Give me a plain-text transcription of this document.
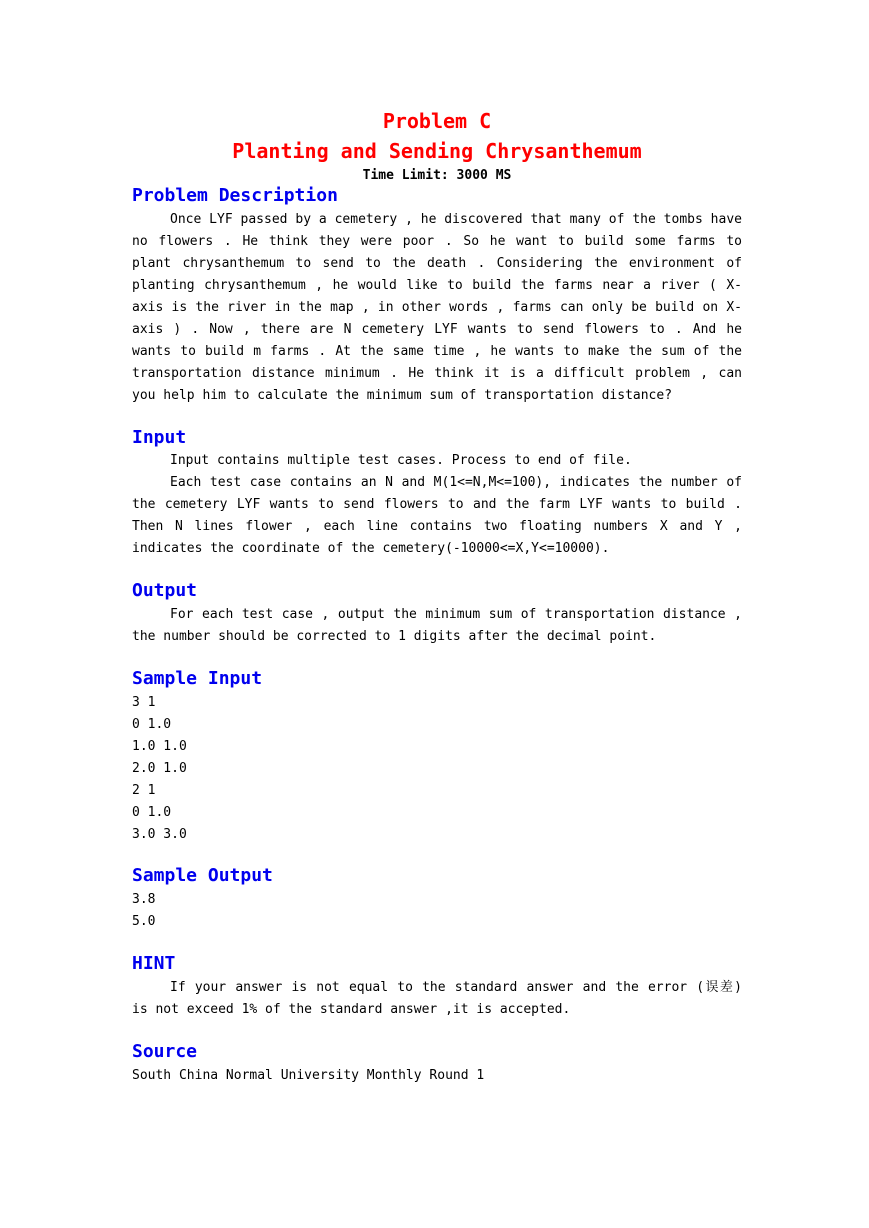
Problem C
Planting and Sending Chrysanthemum
Time Limit: 3000 MS
Problem Description

Once LYF passed by a cemetery , he discovered that many of the tombs have no flowers . He think they were poor . So he want to build some farms to plant chrysanthemum to send to the death . Considering the environment of planting chrysanthemum , he would like to build the farms near a river ( X-axis is the river in the map , in other words , farms can only be build on X-axis ) . Now , there are N cemetery LYF wants to send flowers to . And he wants to build m farms . At the same time , he wants to make the sum of the transportation distance minimum . He think it is a difficult problem , can you help him to calculate the minimum sum of transportation distance?

Input

Input contains multiple test cases. Process to end of file.

Each test case contains an N and M(1<=N,M<=100), indicates the number of the cemetery LYF wants to send flowers to and the farm LYF wants to build . Then N lines flower , each line contains two floating numbers X and Y , indicates the coordinate of the cemetery(-10000<=X,Y<=10000).

Output

For each test case , output the minimum sum of transportation distance , the number should be corrected to 1 digits after the decimal point.

Sample Input
3 1
0 1.0
1.0 1.0
2.0 1.0
2 1
0 1.0
3.0 3.0
Sample Output
3.8
5.0
HINT

If your answer is not equal to the standard answer and the error (误差) is not exceed 1% of the standard answer ,it is accepted.

Source

South China Normal University Monthly Round 1
